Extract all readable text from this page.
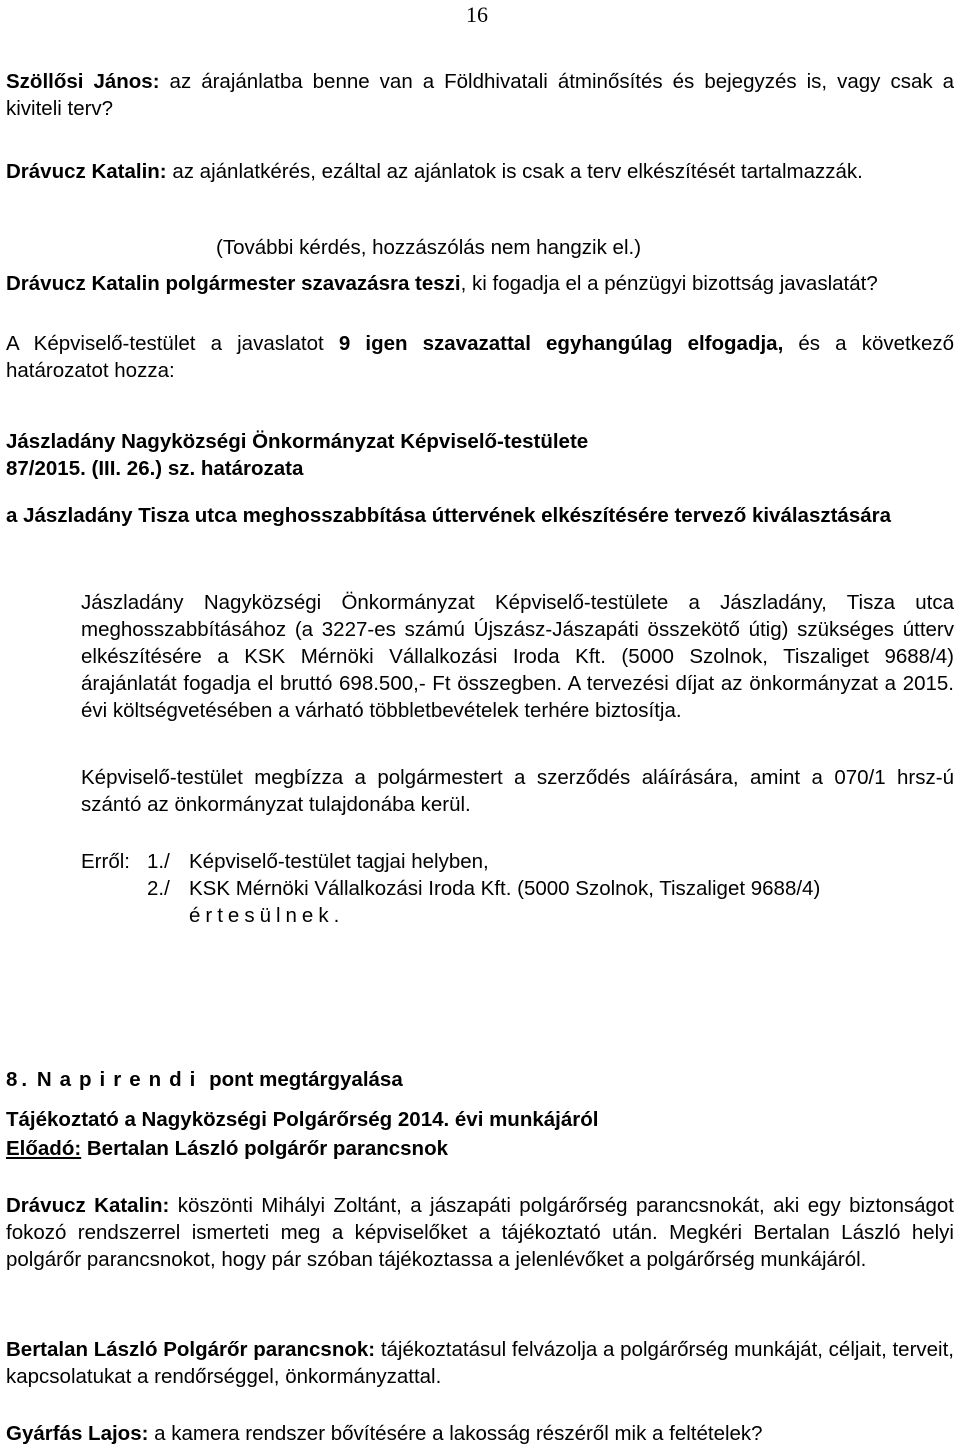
16

Szöllősi János: az árajánlatba benne van a Földhivatali átminősítés és bejegyzés is, vagy csak a kiviteli terv?

Drávucz Katalin: az ajánlatkérés, ezáltal az ajánlatok is csak a terv elkészítését tartalmazzák.

(További kérdés, hozzászólás nem hangzik el.)

Drávucz Katalin polgármester szavazásra teszi, ki fogadja el a pénzügyi bizottság javaslatát?

A Képviselő-testület a javaslatot 9 igen szavazattal egyhangúlag elfogadja, és a következő határozatot hozza:

Jászladány Nagyközségi Önkormányzat Képviselő-testülete
87/2015. (III. 26.) sz. határozata

a Jászladány Tisza utca meghosszabbítása úttervének elkészítésére tervező kiválasztására

Jászladány Nagyközségi Önkormányzat Képviselő-testülete a Jászladány, Tisza utca meghosszabbításához (a 3227-es számú Újszász-Jászapáti összekötő útig) szükséges útterv elkészítésére a KSK Mérnöki Vállalkozási Iroda Kft. (5000 Szolnok, Tiszaliget 9688/4) árajánlatát fogadja el bruttó 698.500,- Ft összegben. A tervezési díjat az önkormányzat a 2015. évi költségvetésében a várható többletbevételek terhére biztosítja.

Képviselő-testület megbízza a polgármestert a szerződés aláírására, amint a 070/1 hrsz-ú szántó az önkormányzat tulajdonába kerül.

Erről: 1./ Képviselő-testület tagjai helyben,
2./ KSK Mérnöki Vállalkozási Iroda Kft. (5000 Szolnok, Tiszaliget 9688/4)
értesülnek.

8. Napirendi pont megtárgyalása

Tájékoztató a Nagyközségi Polgárőrség 2014. évi munkájáról

Előadó: Bertalan László polgárőr parancsnok

Drávucz Katalin: köszönti Mihályi Zoltánt, a jászapáti polgárőrség parancsnokát, aki egy biztonságot fokozó rendszerrel ismerteti meg a képviselőket a tájékoztató után. Megkéri Bertalan László helyi polgárőr parancsnokot, hogy pár szóban tájékoztassa a jelenlévőket a polgárőrség munkájáról.

Bertalan László Polgárőr parancsnok: tájékoztatásul felvázolja a polgárőrség munkáját, céljait, terveit, kapcsolatukat a rendőrséggel, önkormányzattal.

Gyárfás Lajos: a kamera rendszer bővítésére a lakosság részéről mik a feltételek?
